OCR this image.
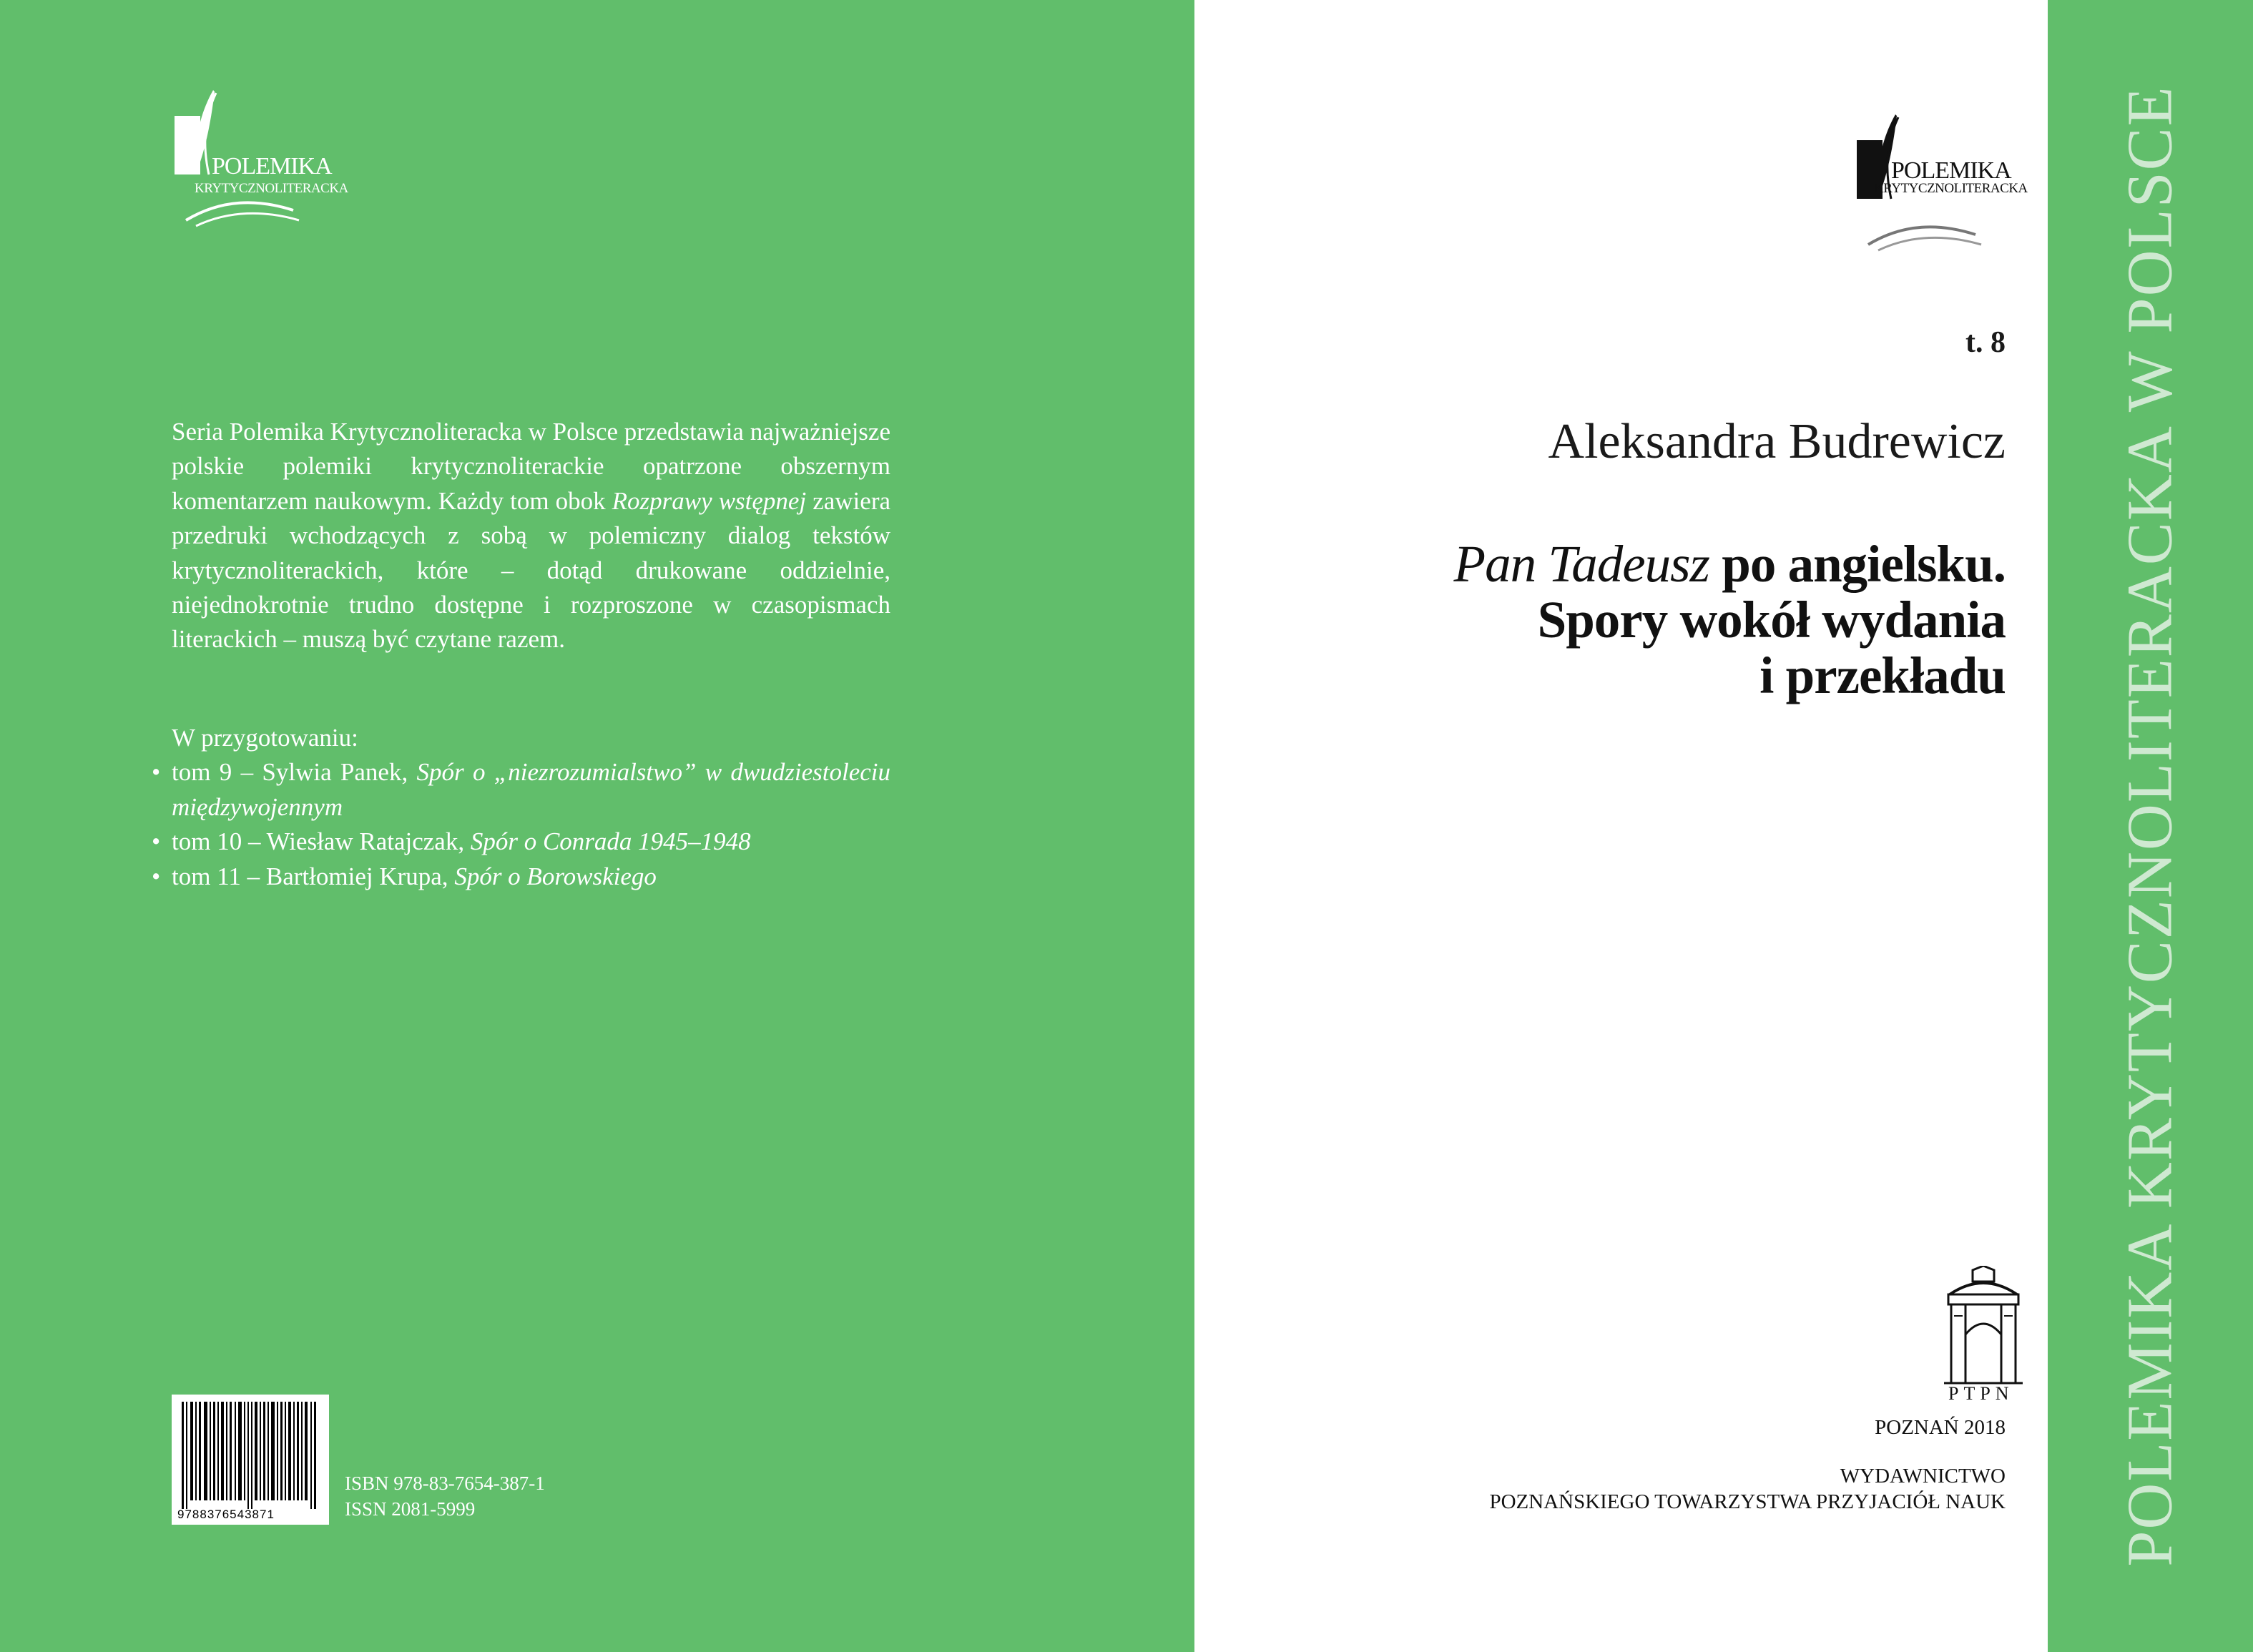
POLEMIKA
KRYTYCZNOLITERACKA
Seria Polemika Krytycznoliteracka w Polsce przedstawia najważniejsze polskie polemiki krytycznoliterackie opatrzone obszernym komentarzem naukowym. Każdy tom obok Rozprawy wstępnej zawiera przedruki wchodzących z sobą w polemiczny dialog tekstów krytycznoliterackich, które – dotąd drukowane oddzielnie, niejednokrotnie trudno dostępne i rozproszone w czasopismach literackich – muszą być czytane razem.
W przygotowaniu:
• tom 9 – Sylwia Panek, Spór o „niezrozumialstwo” w dwudziestoleciu międzywojennym
• tom 10 – Wiesław Ratajczak, Spór o Conrada 1945–1948
• tom 11 – Bartłomiej Krupa, Spór o Borowskiego
9788376543871
ISBN 978-83-7654-387-1
ISSN 2081-5999
POLEMIKA
KRYTYCZNOLITERACKA
t. 8
Aleksandra Budrewicz
Pan Tadeusz po angielsku.
Spory wokół wydania
i przekładu
PTPN
POZNAŃ 2018
WYDAWNICTWO
POZNAŃSKIEGO TOWARZYSTWA PRZYJACIÓŁ NAUK POLEMIKA KRYTYCZNOLITERACKA W POLSCE
